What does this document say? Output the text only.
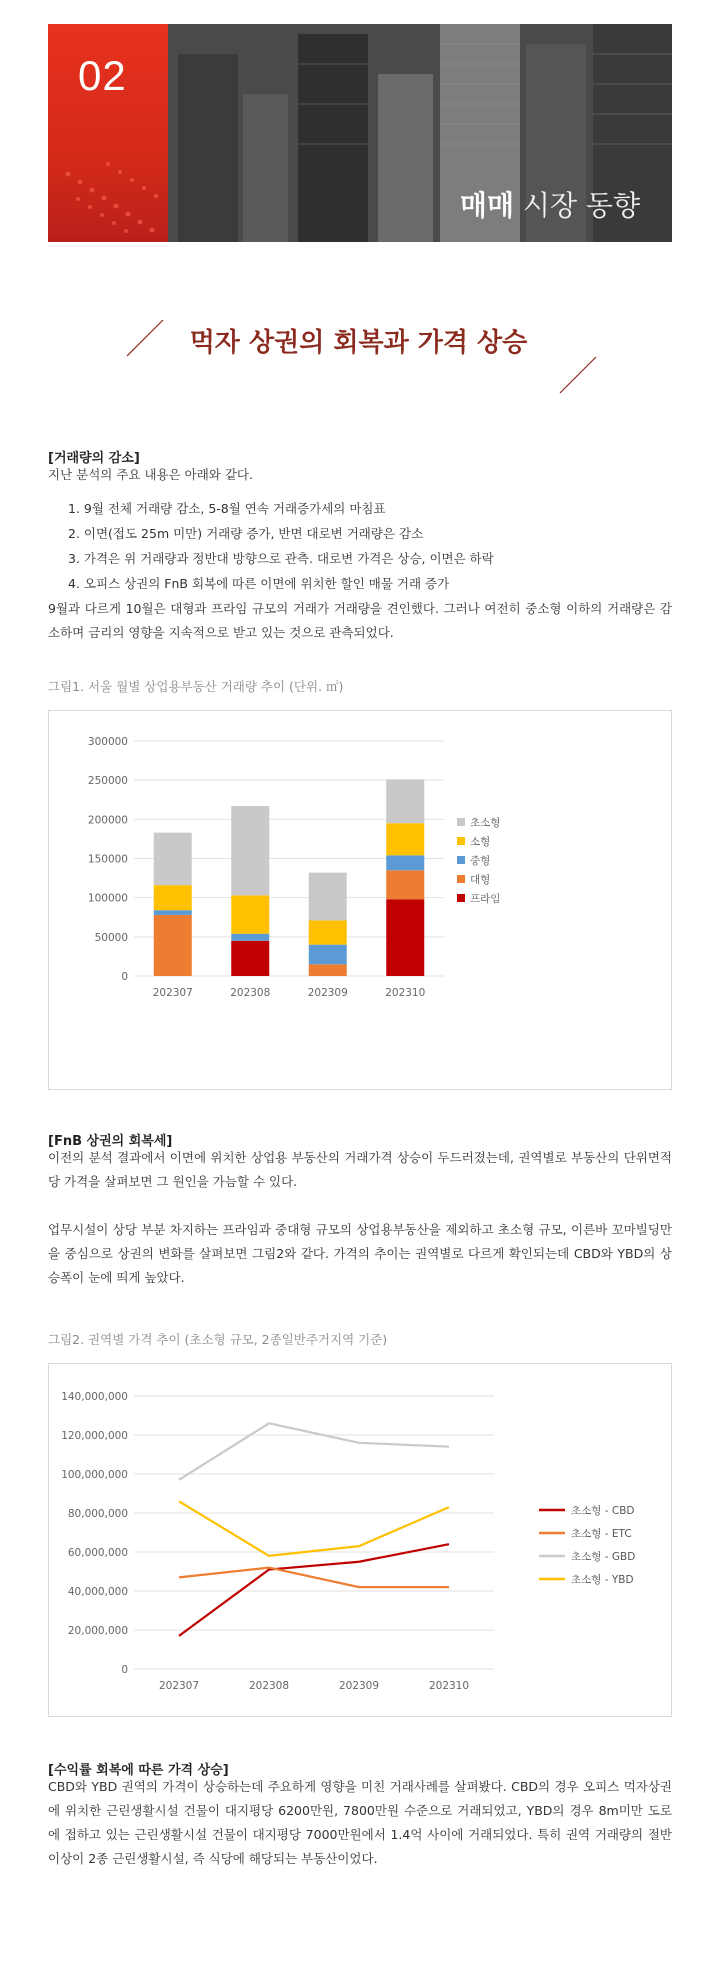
02
매매 시장 동향
먹자 상권의 회복과 가격 상승
[거래량의 감소]
지난 분석의 주요 내용은 아래와 같다.
1. 9월 전체 거래량 감소, 5-8월 연속 거래증가세의 마침표
2. 이면(접도 25m 미만) 거래량 증가, 반면 대로변 거래량은 감소
3. 가격은 위 거래량과 정반대 방향으로 관측. 대로변 가격은 상승, 이면은 하락
4. 오피스 상권의 FnB 회복에 따른 이면에 위치한 할인 매물 거래 증가

9월과 다르게 10월은 대형과 프라임 규모의 거래가 거래량을 견인했다. 그러나 여전히 중소형 이하의 거래량은 감소하며 금리의 영향을 지속적으로 받고 있는 것으로 관측되었다.

그림1. 서울 월별 상업용부동산 거래량 추이 (단위. ㎡)
0
50000
100000
150000
200000
250000
300000
202307	202308	202309	202310
초소형
소형
중형
대형
프라임
[FnB 상권의 회복세]

이전의 분석 결과에서 이면에 위치한 상업용 부동산의 거래가격 상승이 두드러졌는데, 권역별로 부동산의 단위면적당 가격을 살펴보면 그 원인을 가늠할 수 있다.

업무시설이 상당 부분 차지하는 프라임과 중대형 규모의 상업용부동산을 제외하고 초소형 규모, 이른바 꼬마빌딩만을 중심으로 상권의 변화를 살펴보면 그림2와 같다. 가격의 추이는 권역별로 다르게 확인되는데 CBD와 YBD의 상승폭이 눈에 띄게 높았다.

그림2. 권역별 가격 추이 (초소형 규모, 2종일반주거지역 기준)
0
20,000,000
40,000,000
60,000,000
80,000,000
100,000,000
120,000,000
140,000,000
202307	202308	202309	202310
초소형 - CBD
초소형 - ETC
초소형 - GBD
초소형 - YBD
[수익률 회복에 따른 가격 상승]

CBD와 YBD 권역의 가격이 상승하는데 주요하게 영향을 미친 거래사례를 살펴봤다. CBD의 경우 오피스 먹자상권에 위치한 근린생활시설 건물이 대지평당 6200만원, 7800만원 수준으로 거래되었고, YBD의 경우 8m미만 도로에 접하고 있는 근린생활시설 건물이 대지평당 7000만원에서 1.4억 사이에 거래되었다. 특히 권역 거래량의 절반 이상이 2종 근린생활시설, 즉 식당에 해당되는 부동산이었다.
